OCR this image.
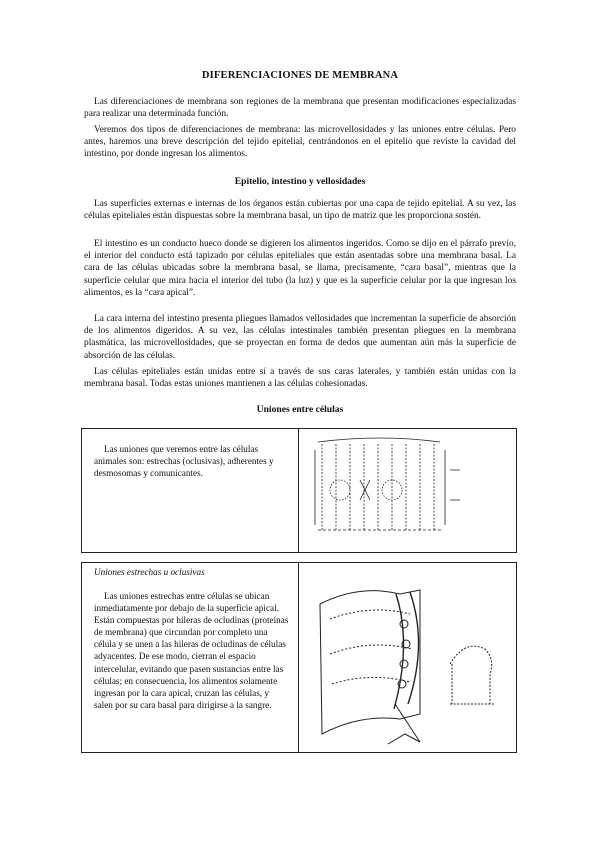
DIFERENCIACIONES DE MEMBRANA

Las diferenciaciones de membrana son regiones de la membrana que presentan modificaciones especializadas para realizar una determinada función.

Veremos dos tipos de diferenciaciones de membrana: las microvellosidades y las uniones entre células. Pero antes, haremos una breve descripción del tejido epitelial, centrándonos en el epitelio que reviste la cavidad del intestino, por donde ingresan los alimentos.

Epitelio, intestino y vellosidades

Las superficies externas e internas de los órganos están cubiertas por una capa de tejido epitelial. A su vez, las células epiteliales están dispuestas sobre la membrana basal, un tipo de matriz que les proporciona sostén.

El intestino es un conducto hueco donde se digieren los alimentos ingeridos. Como se dijo en el párrafo previo, el interior del conducto está tapizado por células epiteliales que están asentadas sobre una membrana basal. La cara de las células ubicadas sobre la membrana basal, se llama, precisamente, “cara basal”, mientras que la superficie celular que mira hacia el interior del tubo (la luz) y que es la superficie celular por la que ingresan los alimentos, es la “cara apical”.

La cara interna del intestino presenta pliegues llamados vellosidades que incrementan la superficie de absorción de los alimentos digeridos. A su vez, las células intestinales también presentan pliegues en la membrana plasmática, las microvellosidades, que se proyectan en forma de dedos que aumentan aún más la superficie de absorción de las células.

Las células epiteliales están unidas entre sí a través de sus caras laterales, y también están unidas con la membrana basal. Todas estas uniones mantienen a las células cohesionadas.

Uniones entre células
Las uniones que veremos entre las células animales son: estrechas (oclusivas), adherentes y desmosomas y comunicantes.
Uniones estrechas u oclusivas
Las uniones estrechas entre células se ubican inmediatamente por debajo de la superficie apical. Están compuestas por hileras de ocludinas (proteínas de membrana) que circundan por completo una célula y se unen a las hileras de ocludinas de células adyacentes. De ese modo, cierran el espacio intercelular, evitando que pasen sustancias entre las células; en consecuencia, los alimentos solamente ingresan por la cara apical, cruzan las células, y salen por su cara basal para dirigirse a la sangre.
